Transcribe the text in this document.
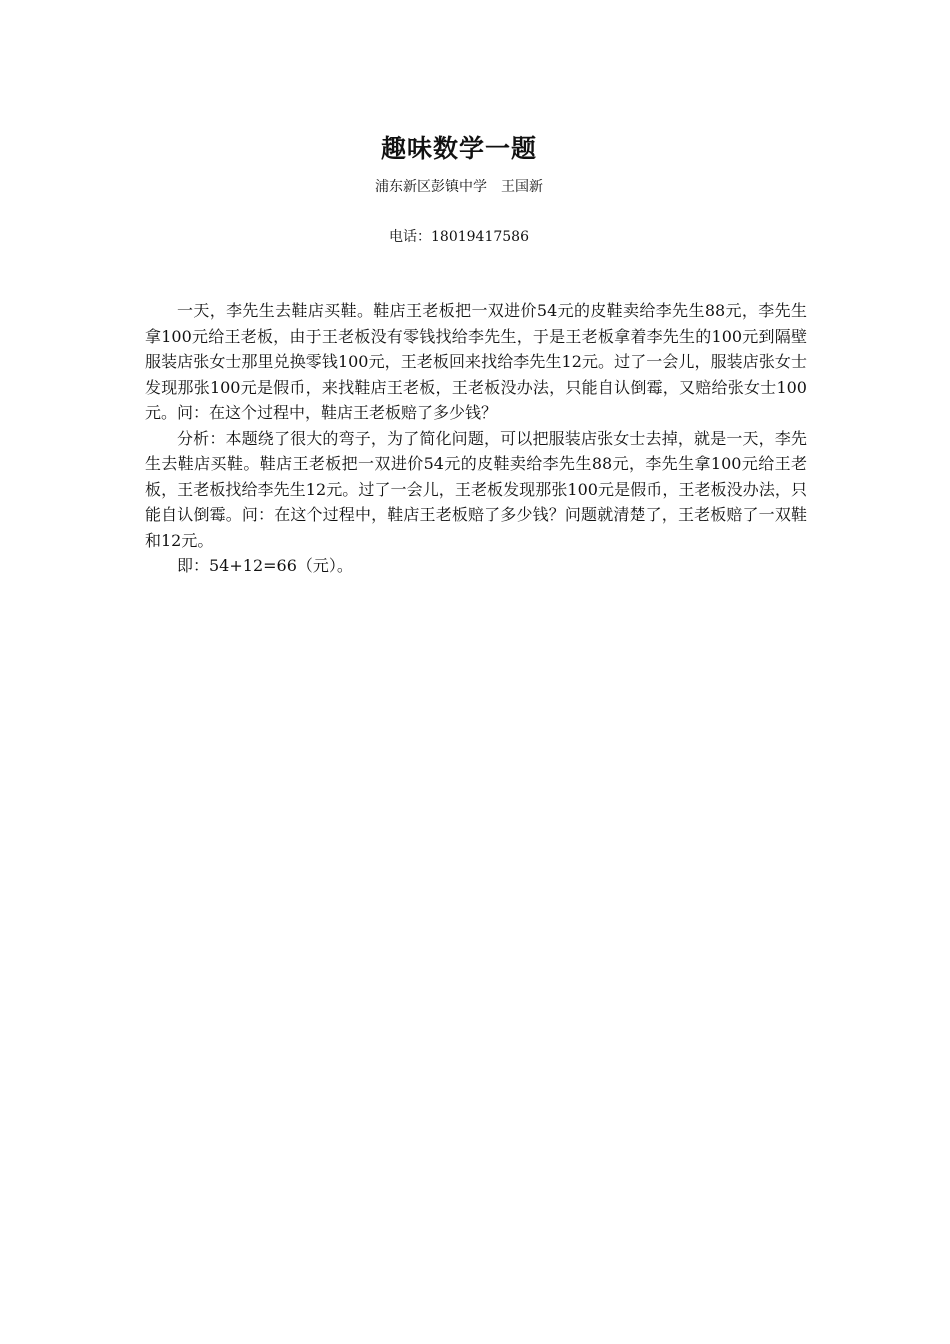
趣味数学一题
浦东新区彭镇中学　王国新
电话：18019417586

一天，李先生去鞋店买鞋。鞋店王老板把一双进价54元的皮鞋卖给李先生88元，李先生拿100元给王老板，由于王老板没有零钱找给李先生，于是王老板拿着李先生的100元到隔壁服装店张女士那里兑换零钱100元，王老板回来找给李先生12元。过了一会儿，服装店张女士发现那张100元是假币，来找鞋店王老板，王老板没办法，只能自认倒霉，又赔给张女士100元。问：在这个过程中，鞋店王老板赔了多少钱？

分析：本题绕了很大的弯子，为了简化问题，可以把服装店张女士去掉，就是一天，李先生去鞋店买鞋。鞋店王老板把一双进价54元的皮鞋卖给李先生88元，李先生拿100元给王老板，王老板找给李先生12元。过了一会儿，王老板发现那张100元是假币，王老板没办法，只能自认倒霉。问：在这个过程中，鞋店王老板赔了多少钱？问题就清楚了，王老板赔了一双鞋和12元。

即：54+12=66（元）。
